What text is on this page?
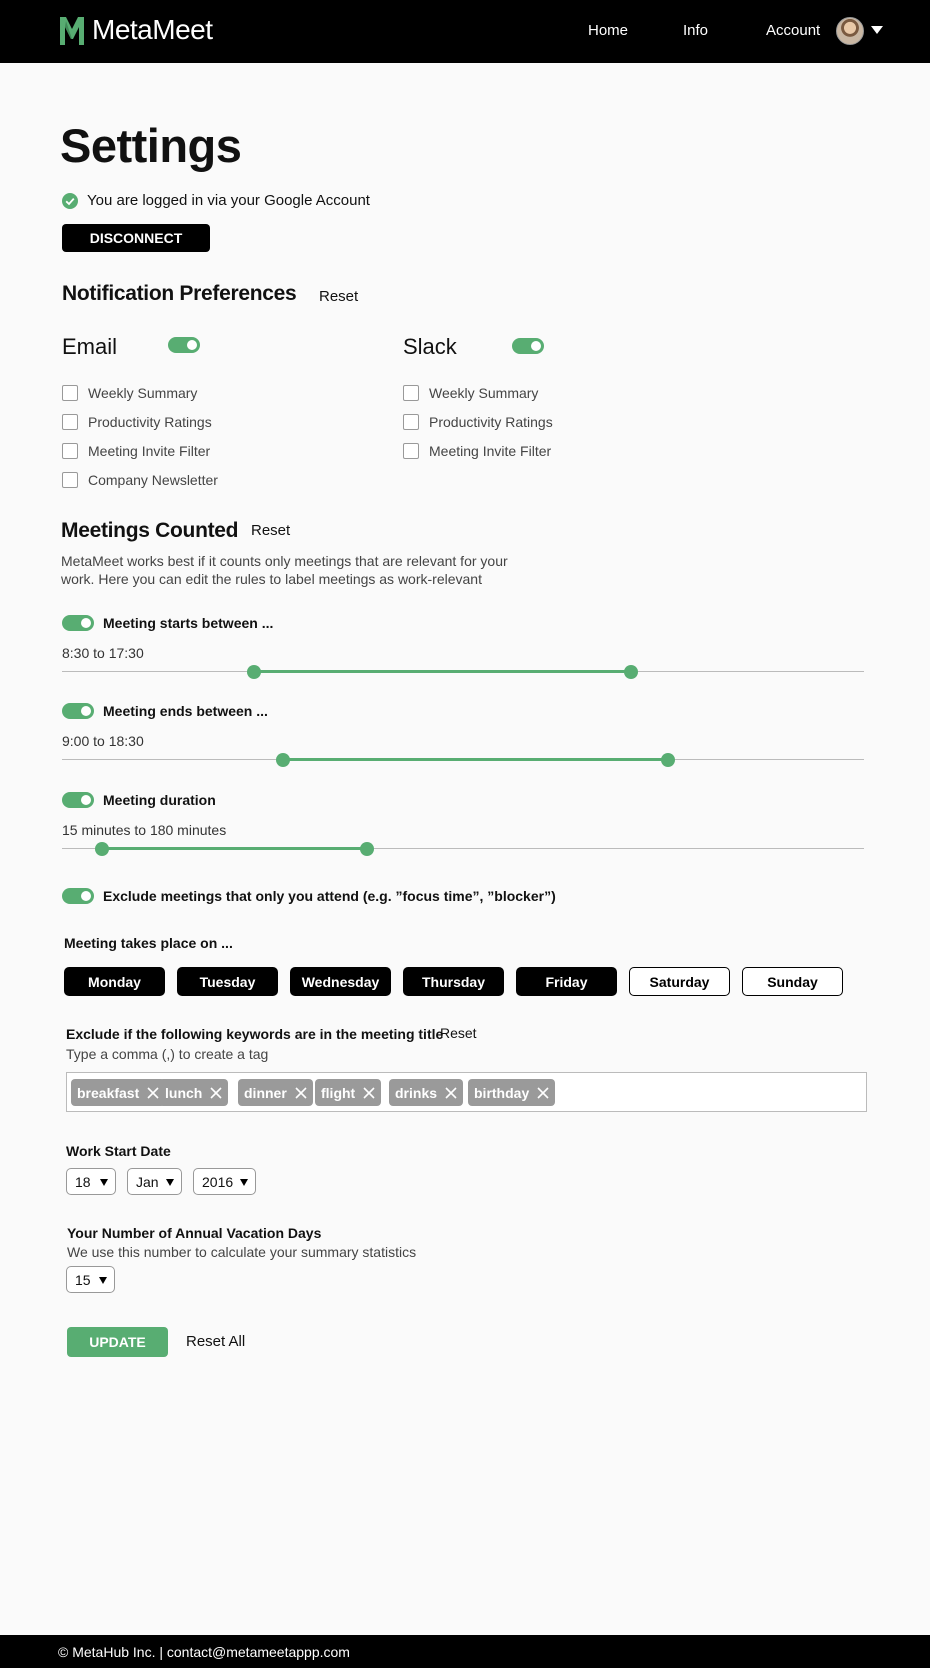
MetaMeet	Home	Info	Account
Settings
You are logged in via your Google Account
DISCONNECT
Notification Preferences Reset
Email	Slack
Weekly Summary
Productivity Ratings
Meeting Invite Filter
Company Newsletter
Weekly Summary
Productivity Ratings
Meeting Invite Filter
Meetings Counted Reset
MetaMeet works best if it counts only meetings that are relevant for your
work. Here you can edit the rules to label meetings as work-relevant
Meeting starts between ...
8:30 to 17:30
Meeting ends between ...
9:00 to 18:30
Meeting duration
15 minutes to 180 minutes
Exclude meetings that only you attend (e.g. ”focus time”, ”blocker”)
Meeting takes place on ...
Monday	Tuesday	Wednesday	Thursday	Friday	Saturday	Sunday
Exclude if the following keywords are in the meeting title
Reset
Type a comma (,) to create a tag
breakfast lunch	dinner flight	drinks	birthday
Work Start Date
18	Jan	2016
Your Number of Annual Vacation Days
We use this number to calculate your summary statistics
15
UPDATE	Reset All
© MetaHub Inc. | contact@metameetappp.com
